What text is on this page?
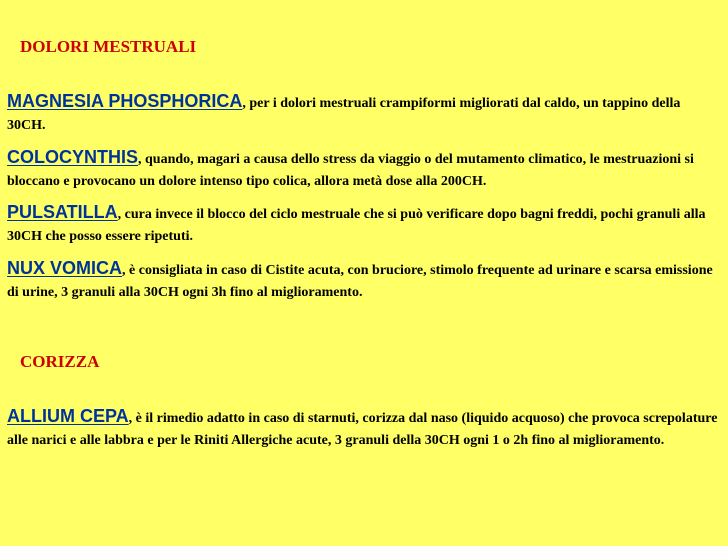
DOLORI MESTRUALI
MAGNESIA PHOSPHORICA, per i dolori mestruali crampiformi migliorati dal caldo, un tappino della 30CH.
COLOCYNTHIS, quando, magari a causa dello stress da viaggio o del mutamento climatico, le mestruazioni si bloccano e provocano un dolore intenso tipo colica, allora metà dose alla 200CH.
PULSATILLA, cura invece il blocco del ciclo mestruale che si può verificare dopo bagni freddi, pochi granuli alla 30CH che posso essere ripetuti.
NUX VOMICA, è consigliata in caso di Cistite acuta, con bruciore, stimolo frequente ad urinare e scarsa emissione di urine, 3 granuli alla 30CH ogni 3h fino al miglioramento.
CORIZZA
ALLIUM CEPA, è il rimedio adatto in caso di starnuti, corizza dal naso (liquido acquoso) che provoca screpolature alle narici e alle labbra e per le Riniti Allergiche acute, 3 granuli della 30CH ogni 1 o 2h fino al miglioramento.
